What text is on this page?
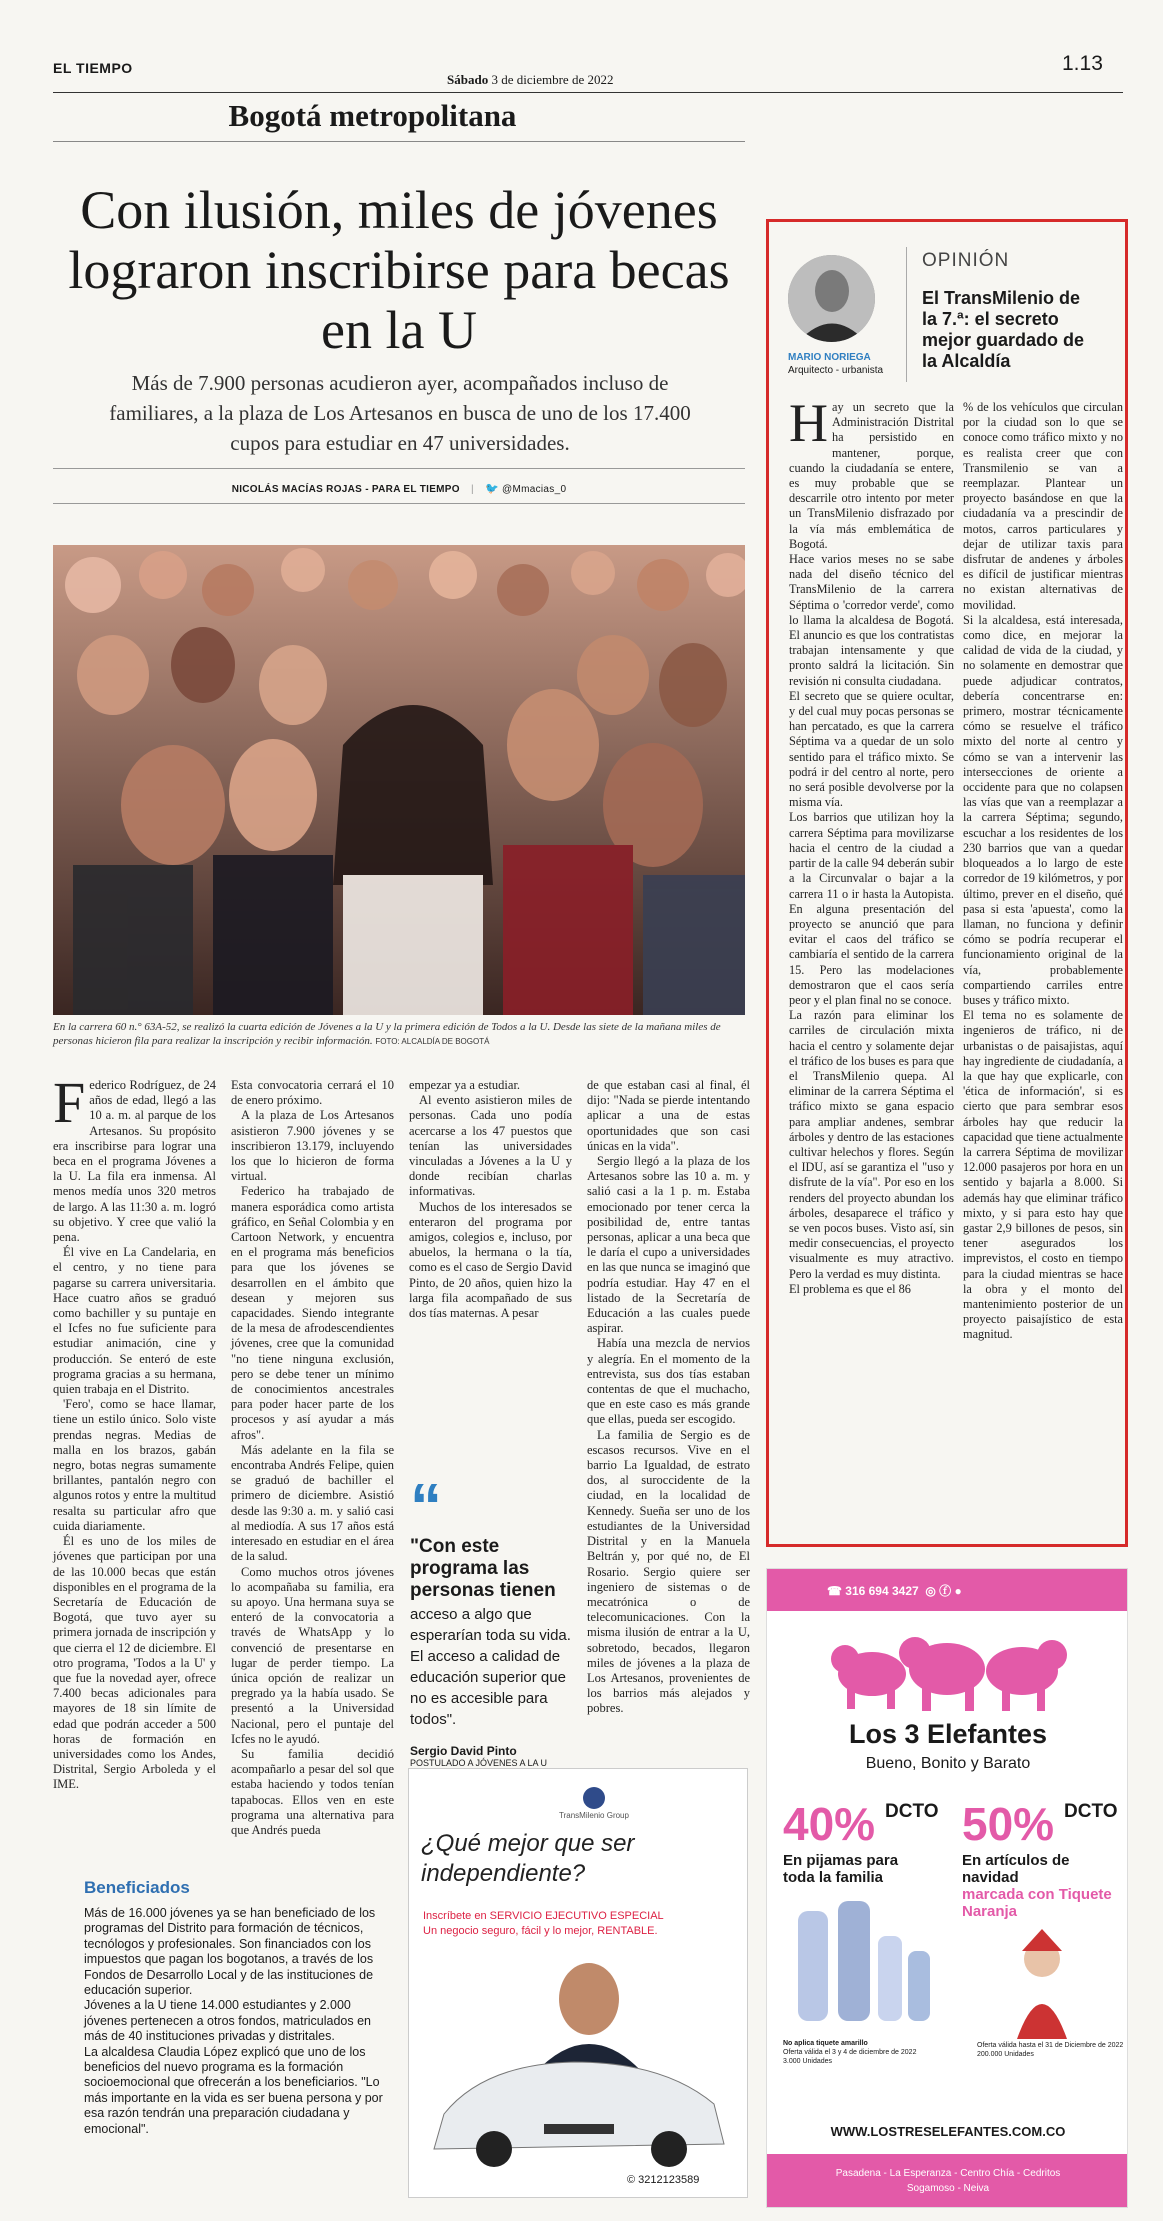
EL TIEMPO
Sábado 3 de diciembre de 2022
1.13
Bogotá metropolitana
Con ilusión, miles de jóvenes lograron inscribirse para becas en la U
Más de 7.900 personas acudieron ayer, acompañados incluso de familiares, a la plaza de Los Artesanos en busca de uno de los 17.400 cupos para estudiar en 47 universidades.
NICOLÁS MACÍAS ROJAS - PARA EL TIEMPO | 🐦 @Mmacias_0
En la carrera 60 n.° 63A-52, se realizó la cuarta edición de Jóvenes a la U y la primera edición de Todos a la U. Desde las siete de la mañana miles de personas hicieron fila para realizar la inscripción y recibir información. FOTO: ALCALDÍA DE BOGOTÁ

Federico Rodríguez, de 24 años de edad, llegó a las 10 a. m. al parque de los Artesanos. Su propósito era inscribirse para lograr una beca en el programa Jóvenes a la U. La fila era inmensa. Al menos medía unos 320 metros de largo. A las 11:30 a. m. logró su objetivo. Y cree que valió la pena.

Él vive en La Candelaria, en el centro, y no tiene para pagarse su carrera universitaria. Hace cuatro años se graduó como bachiller y su puntaje en el Icfes no fue suficiente para estudiar animación, cine y producción. Se enteró de este programa gracias a su hermana, quien trabaja en el Distrito.

'Fero', como se hace llamar, tiene un estilo único. Solo viste prendas negras. Medias de malla en los brazos, gabán negro, botas negras sumamente brillantes, pantalón negro con algunos rotos y entre la multitud resalta su particular afro que cuida diariamente.

Él es uno de los miles de jóvenes que participan por una de las 10.000 becas que están disponibles en el programa de la Secretaría de Educación de Bogotá, que tuvo ayer su primera jornada de inscripción y que cierra el 12 de diciembre. El otro programa, 'Todos a la U' y que fue la novedad ayer, ofrece 7.400 becas adicionales para mayores de 18 sin límite de edad que podrán acceder a 500 horas de formación en universidades como los Andes, Distrital, Sergio Arboleda y el IME.

Esta convocatoria cerrará el 10 de enero próximo.

A la plaza de Los Artesanos asistieron 7.900 jóvenes y se inscribieron 13.179, incluyendo los que lo hicieron de forma virtual.

Federico ha trabajado de manera esporádica como artista gráfico, en Señal Colombia y en Cartoon Network, y encuentra en el programa más beneficios para que los jóvenes se desarrollen en el ámbito que desean y mejoren sus capacidades. Siendo integrante de la mesa de afrodescendientes jóvenes, cree que la comunidad "no tiene ninguna exclusión, pero se debe tener un mínimo de conocimientos ancestrales para poder hacer parte de los procesos y así ayudar a más afros".

Más adelante en la fila se encontraba Andrés Felipe, quien se graduó de bachiller el primero de diciembre. Asistió desde las 9:30 a. m. y salió casi al mediodía. A sus 17 años está interesado en estudiar en el área de la salud.

Como muchos otros jóvenes lo acompañaba su familia, era su apoyo. Una hermana suya se enteró de la convocatoria a través de WhatsApp y lo convenció de presentarse en lugar de perder tiempo. La única opción de realizar un pregrado ya la había usado. Se presentó a la Universidad Nacional, pero el puntaje del Icfes no le ayudó.

Su familia decidió acompañarlo a pesar del sol que estaba haciendo y todos tenían tapabocas. Ellos ven en este programa una alternativa para que Andrés pueda

empezar ya a estudiar.

Al evento asistieron miles de personas. Cada uno podía acercarse a los 47 puestos que tenían las universidades vinculadas a Jóvenes a la U y donde recibían charlas informativas.

Muchos de los interesados se enteraron del programa por amigos, colegios e, incluso, por abuelos, la hermana o la tía, como es el caso de Sergio David Pinto, de 20 años, quien hizo la larga fila acompañado de sus dos tías maternas. A pesar

de que estaban casi al final, él dijo: "Nada se pierde intentando aplicar a una de estas oportunidades que son casi únicas en la vida".

Sergio llegó a la plaza de los Artesanos sobre las 10 a. m. y salió casi a la 1 p. m. Estaba emocionado por tener cerca la posibilidad de, entre tantas personas, aplicar a una beca que le daría el cupo a universidades en las que nunca se imaginó que podría estudiar. Hay 47 en el listado de la Secretaría de Educación a las cuales puede aspirar.

Había una mezcla de nervios y alegría. En el momento de la entrevista, sus dos tías estaban contentas de que el muchacho, que en este caso es más grande que ellas, pueda ser escogido.

La familia de Sergio es de escasos recursos. Vive en el barrio La Igualdad, de estrato dos, al suroccidente de la ciudad, en la localidad de Kennedy. Sueña ser uno de los estudiantes de la Universidad Distrital y en la Manuela Beltrán y, por qué no, de El Rosario. Sergio quiere ser ingeniero de sistemas o de mecatrónica o de telecomunicaciones. Con la misma ilusión de entrar a la U, sobretodo, becados, llegaron miles de jóvenes a la plaza de Los Artesanos, provenientes de los barrios más alejados y pobres.

“
"Con este programa las personas tienen
acceso a algo que esperarían toda su vida. El acceso a calidad de educación superior que no es accesible para todos".
Sergio David Pinto
POSTULADO A JÓVENES A LA U
Beneficiados

Más de 16.000 jóvenes ya se han beneficiado de los programas del Distrito para formación de técnicos, tecnólogos y profesionales. Son financiados con los impuestos que pagan los bogotanos, a través de los Fondos de Desarrollo Local y de las instituciones de educación superior.

Jóvenes a la U tiene 14.000 estudiantes y 2.000 jóvenes pertenecen a otros fondos, matriculados en más de 40 instituciones privadas y distritales.

La alcaldesa Claudia López explicó que uno de los beneficios del nuevo programa es la formación socioemocional que ofrecerán a los beneficiarios. "Lo más importante en la vida es ser buena persona y por esa razón tendrán una preparación ciudadana y emocional".

TransMilenio Group
¿Qué mejor que ser independiente?
Inscríbete en SERVICIO EJECUTIVO ESPECIAL
Un negocio seguro, fácil y lo mejor, RENTABLE.
© 3212123589
MARIO NORIEGA
Arquitecto - urbanista
OPINIÓN
El TransMilenio de la 7.ª: el secreto mejor guardado de la Alcaldía

Hay un secreto que la Administración Distrital ha persistido en mantener, porque, cuando la ciudadanía se entere, es muy probable que se descarrile otro intento por meter un TransMilenio disfrazado por la vía más emblemática de Bogotá.

Hace varios meses no se sabe nada del diseño técnico del TransMilenio de la carrera Séptima o 'corredor verde', como lo llama la alcaldesa de Bogotá. El anuncio es que los contratistas trabajan intensamente y que pronto saldrá la licitación. Sin revisión ni consulta ciudadana.

El secreto que se quiere ocultar, y del cual muy pocas personas se han percatado, es que la carrera Séptima va a quedar de un solo sentido para el tráfico mixto. Se podrá ir del centro al norte, pero no será posible devolverse por la misma vía.

Los barrios que utilizan hoy la carrera Séptima para movilizarse hacia el centro de la ciudad a partir de la calle 94 deberán subir a la Circunvalar o bajar a la carrera 11 o ir hasta la Autopista. En alguna presentación del proyecto se anunció que para evitar el caos del tráfico se cambiaría el sentido de la carrera 15. Pero las modelaciones demostraron que el caos sería peor y el plan final no se conoce.

La razón para eliminar los carriles de circulación mixta hacia el centro y solamente dejar el tráfico de los buses es para que el TransMilenio quepa. Al eliminar de la carrera Séptima el tráfico mixto se gana espacio para ampliar andenes, sembrar árboles y dentro de las estaciones cultivar helechos y flores. Según el IDU, así se garantiza el "uso y disfrute de la vía". Por eso en los renders del proyecto abundan los árboles, desaparece el tráfico y se ven pocos buses. Visto así, sin medir consecuencias, el proyecto visualmente es muy atractivo. Pero la verdad es muy distinta.

El problema es que el 86

% de los vehículos que circulan por la ciudad son lo que se conoce como tráfico mixto y no es realista creer que con Transmilenio se van a reemplazar. Plantear un proyecto basándose en que la ciudadanía va a prescindir de motos, carros particulares y dejar de utilizar taxis para disfrutar de andenes y árboles es difícil de justificar mientras no existan alternativas de movilidad.

Si la alcaldesa, está interesada, como dice, en mejorar la calidad de vida de la ciudad, y no solamente en demostrar que puede adjudicar contratos, debería concentrarse en: primero, mostrar técnicamente cómo se resuelve el tráfico mixto del norte al centro y cómo se van a intervenir las intersecciones de oriente a occidente para que no colapsen las vías que van a reemplazar a la carrera Séptima; segundo, escuchar a los residentes de los 230 barrios que van a quedar bloqueados a lo largo de este corredor de 19 kilómetros, y por último, prever en el diseño, qué pasa si esta 'apuesta', como la llaman, no funciona y definir cómo se podría recuperar el funcionamiento original de la vía, probablemente compartiendo carriles entre buses y tráfico mixto.

El tema no es solamente de ingenieros de tráfico, ni de urbanistas o de paisajistas, aquí hay ingrediente de ciudadanía, a la que hay que explicarle, con 'ética de información', si es cierto que para sembrar esos árboles hay que reducir la capacidad que tiene actualmente la carrera Séptima de movilizar 12.000 pasajeros por hora en un sentido y bajarla a 8.000. Si además hay que eliminar tráfico mixto, y si para esto hay que gastar 2,9 billones de pesos, sin tener asegurados los imprevistos, el costo en tiempo para la ciudad mientras se hace la obra y el monto del mantenimiento posterior de un proyecto paisajístico de esta magnitud.

☎ 316 694 3427  ◎ ⓕ ●
Los 3 Elefantes
Bueno, Bonito y Barato
40% DCTO
En pijamas para toda la familia
No aplica tiquete amarillo
Oferta válida el 3 y 4 de diciembre de 2022
3.000 Unidades
50% DCTO
En artículos de navidad
marcada con Tiquete Naranja
Oferta válida hasta el 31 de Diciembre de 2022
200.000 Unidades
WWW.LOSTRESELEFANTES.COM.CO
Pasadena - La Esperanza - Centro Chía - Cedritos
Sogamoso - Neiva
